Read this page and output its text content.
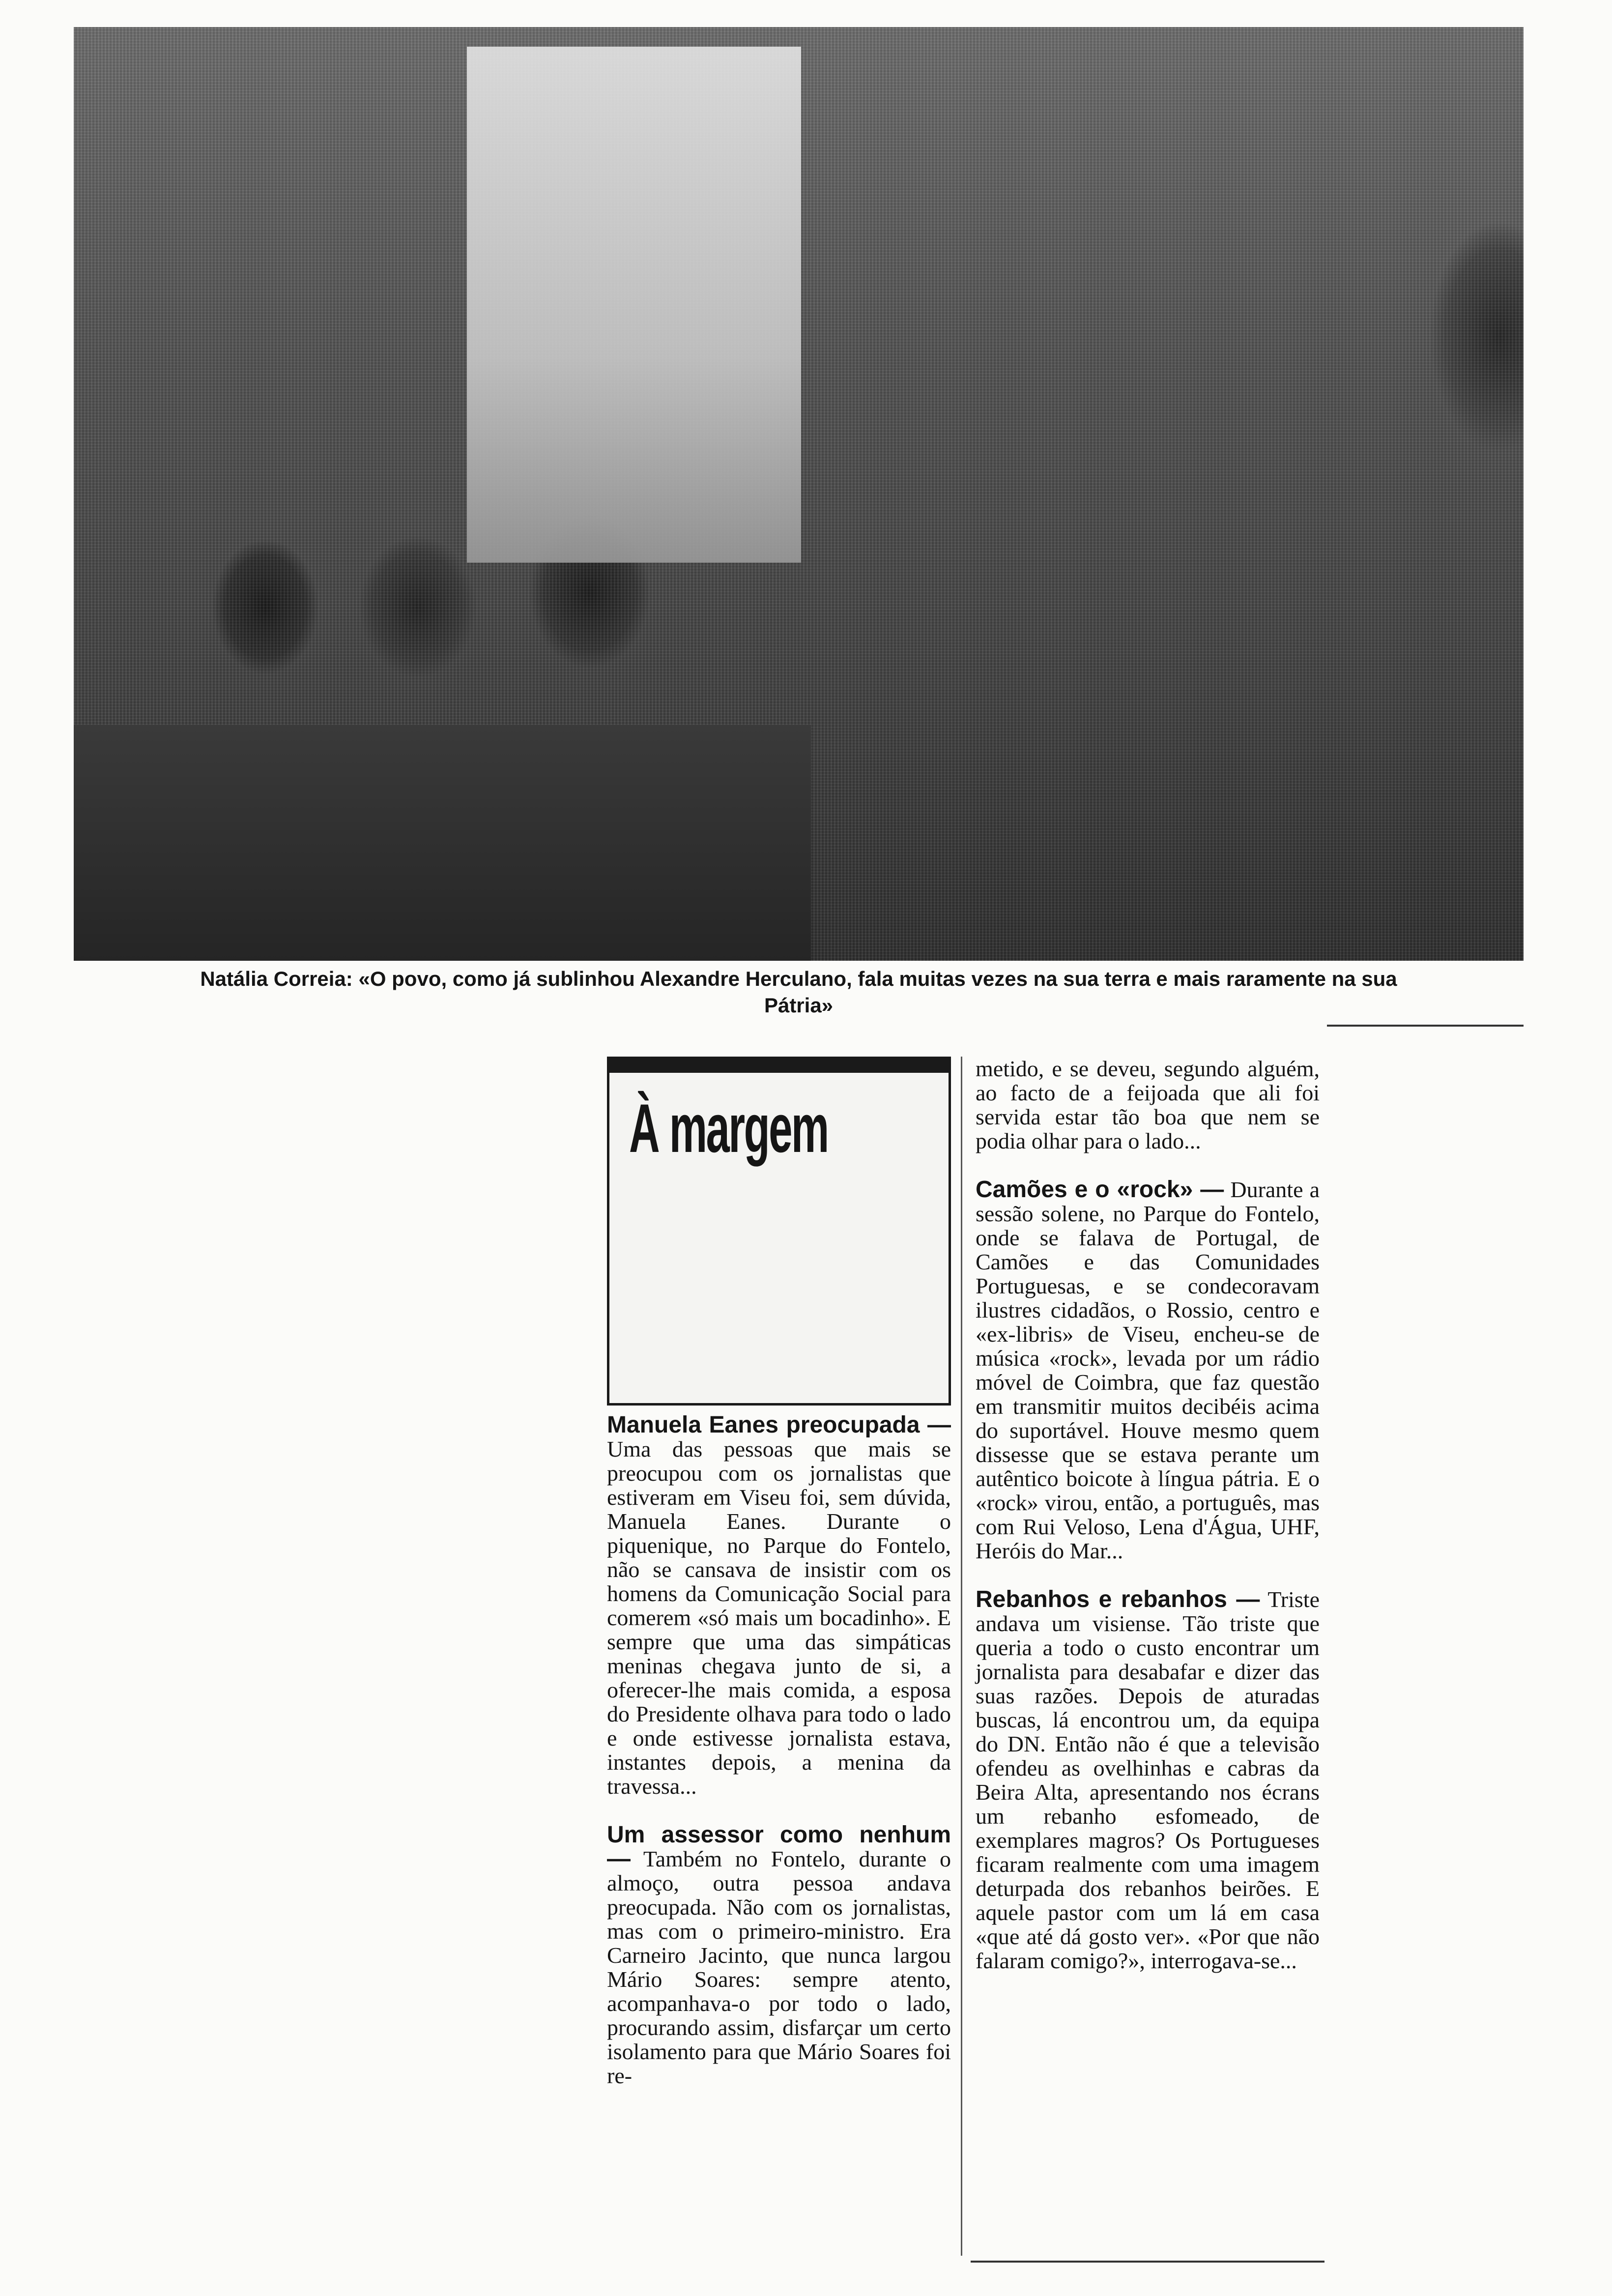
Natália Correia: «O povo, como já sublinhou Alexandre Herculano, fala muitas vezes na sua terra e mais raramente na sua
Pátria»
À margem

Manuela Eanes preocupada — Uma das pessoas que mais se preocupou com os jornalistas que estiveram em Viseu foi, sem dúvida, Manuela Eanes. Durante o piquenique, no Parque do Fontelo, não se cansava de insistir com os homens da Comunicação Social para comerem «só mais um bocadinho». E sempre que uma das simpáticas meninas chegava junto de si, a oferecer-lhe mais comida, a esposa do Presidente olhava para todo o lado e onde estivesse jornalista estava, instantes depois, a menina da travessa...

Um assessor como nenhum — Também no Fontelo, durante o almoço, outra pessoa andava preocupada. Não com os jornalistas, mas com o primeiro-ministro. Era Carneiro Jacinto, que nunca largou Mário Soares: sempre atento, acompanhava-o por todo o lado, procurando assim, disfarçar um certo isolamento para que Mário Soares foi re-

metido, e se deveu, segundo alguém, ao facto de a feijoada que ali foi servida estar tão boa que nem se podia olhar para o lado...

Camões e o «rock» — Durante a sessão solene, no Parque do Fontelo, onde se falava de Portugal, de Camões e das Comunidades Portuguesas, e se condecoravam ilustres cidadãos, o Rossio, centro e «ex-libris» de Viseu, encheu-se de música «rock», levada por um rádio móvel de Coimbra, que faz questão em transmitir muitos decibéis acima do suportável. Houve mesmo quem dissesse que se estava perante um autêntico boicote à língua pátria. E o «rock» virou, então, a português, mas com Rui Veloso, Lena d'Água, UHF, Heróis do Mar...

Rebanhos e rebanhos — Triste andava um visiense. Tão triste que queria a todo o custo encontrar um jornalista para desabafar e dizer das suas razões. Depois de aturadas buscas, lá encontrou um, da equipa do DN. Então não é que a televisão ofendeu as ovelhinhas e cabras da Beira Alta, apresentando nos écrans um rebanho esfomeado, de exemplares magros? Os Portugueses ficaram realmente com uma imagem deturpada dos rebanhos beirões. E aquele pastor com um lá em casa «que até dá gosto ver». «Por que não falaram comigo?», interrogava-se...
